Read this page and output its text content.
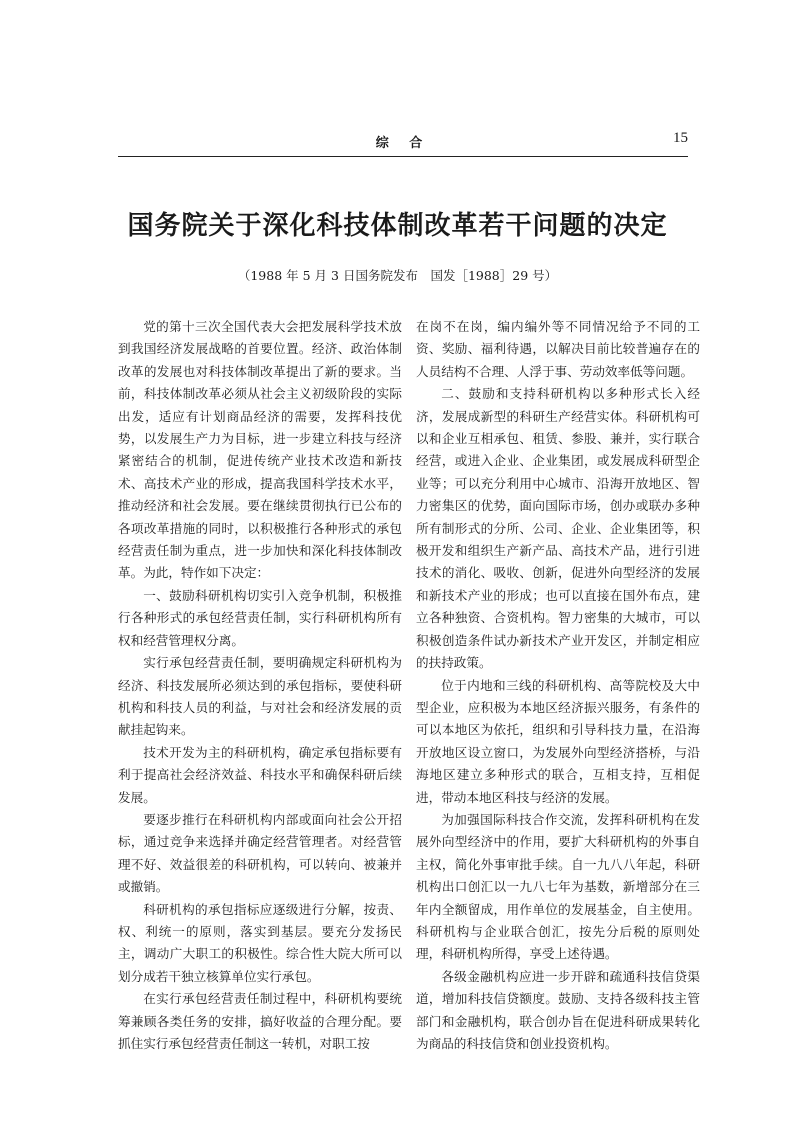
综 合	15
国务院关于深化科技体制改革若干问题的决定
（1988 年 5 月 3 日国务院发布　国发［1988］29 号）

党的第十三次全国代表大会把发展科学技术放到我国经济发展战略的首要位置。经济、政治体制改革的发展也对科技体制改革提出了新的要求。当前，科技体制改革必须从社会主义初级阶段的实际出发，适应有计划商品经济的需要，发挥科技优势，以发展生产力为目标，进一步建立科技与经济紧密结合的机制，促进传统产业技术改造和新技术、高技术产业的形成，提高我国科学技术水平，推动经济和社会发展。要在继续贯彻执行已公布的各项改革措施的同时，以积极推行各种形式的承包经营责任制为重点，进一步加快和深化科技体制改革。为此，特作如下决定：

一、鼓励科研机构切实引入竞争机制，积极推行各种形式的承包经营责任制，实行科研机构所有权和经营管理权分离。

实行承包经营责任制，要明确规定科研机构为经济、科技发展所必须达到的承包指标，要使科研机构和科技人员的利益，与对社会和经济发展的贡献挂起钩来。

技术开发为主的科研机构，确定承包指标要有利于提高社会经济效益、科技水平和确保科研后续发展。

要逐步推行在科研机构内部或面向社会公开招标，通过竞争来选择并确定经营管理者。对经营管理不好、效益很差的科研机构，可以转向、被兼并或撤销。

科研机构的承包指标应逐级进行分解，按责、权、利统一的原则，落实到基层。要充分发扬民主，调动广大职工的积极性。综合性大院大所可以划分成若干独立核算单位实行承包。

在实行承包经营责任制过程中，科研机构要统筹兼顾各类任务的安排，搞好收益的合理分配。要抓住实行承包经营责任制这一转机，对职工按

在岗不在岗，编内编外等不同情况给予不同的工资、奖励、福利待遇，以解决目前比较普遍存在的人员结构不合理、人浮于事、劳动效率低等问题。

二、鼓励和支持科研机构以多种形式长入经济，发展成新型的科研生产经营实体。科研机构可以和企业互相承包、租赁、参股、兼并，实行联合经营，或进入企业、企业集团，或发展成科研型企业等；可以充分利用中心城市、沿海开放地区、智力密集区的优势，面向国际市场，创办或联办多种所有制形式的分所、公司、企业、企业集团等，积极开发和组织生产新产品、高技术产品，进行引进技术的消化、吸收、创新，促进外向型经济的发展和新技术产业的形成；也可以直接在国外布点，建立各种独资、合资机构。智力密集的大城市，可以积极创造条件试办新技术产业开发区，并制定相应的扶持政策。

位于内地和三线的科研机构、高等院校及大中型企业，应积极为本地区经济振兴服务，有条件的可以本地区为依托，组织和引导科技力量，在沿海开放地区设立窗口，为发展外向型经济搭桥，与沿海地区建立多种形式的联合，互相支持，互相促进，带动本地区科技与经济的发展。

为加强国际科技合作交流，发挥科研机构在发展外向型经济中的作用，要扩大科研机构的外事自主权，简化外事审批手续。自一九八八年起，科研机构出口创汇以一九八七年为基数，新增部分在三年内全额留成，用作单位的发展基金，自主使用。科研机构与企业联合创汇，按先分后税的原则处理，科研机构所得，享受上述待遇。

各级金融机构应进一步开辟和疏通科技信贷渠道，增加科技信贷额度。鼓励、支持各级科技主管部门和金融机构，联合创办旨在促进科研成果转化为商品的科技信贷和创业投资机构。
